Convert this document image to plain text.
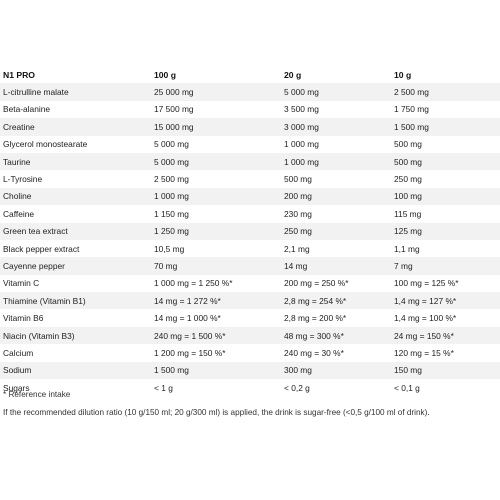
N1 PRO	100 g	20 g	10 g
L-citrulline malate	25 000 mg	5 000 mg	2 500 mg
Beta-alanine	17 500 mg	3 500 mg	1 750 mg
Creatine	15 000 mg	3 000 mg	1 500 mg
Glycerol monostearate	5 000 mg	1 000 mg	500 mg
Taurine	5 000 mg	1 000 mg	500 mg
L-Tyrosine	2 500 mg	500 mg	250 mg
Choline	1 000 mg	200 mg	100 mg
Caffeine	1 150 mg	230 mg	115 mg
Green tea extract	1 250 mg	250 mg	125 mg
Black pepper extract	10,5 mg	2,1 mg	1,1 mg
Cayenne pepper	70 mg	14 mg	7 mg
Vitamin C	1 000 mg = 1 250 %*	200 mg = 250 %*	100 mg = 125 %*
Thiamine (Vitamin B1)	14 mg = 1 272 %*	2,8 mg = 254 %*	1,4 mg = 127 %*
Vitamin B6	14 mg = 1 000 %*	2,8 mg = 200 %*	1,4 mg = 100 %*
Niacin (Vitamin B3)	240 mg = 1 500 %*	48 mg = 300 %*	24 mg = 150 %*
Calcium	1 200 mg = 150 %*	240 mg = 30 %*	120 mg = 15 %*
Sodium	1 500 mg	300 mg	150 mg
Sugars	< 1 g	< 0,2 g	< 0,1 g
* Reference intake
If the recommended dilution ratio (10 g/150 ml; 20 g/300 ml) is applied, the drink is sugar-free (<0,5 g/100 ml of drink).
